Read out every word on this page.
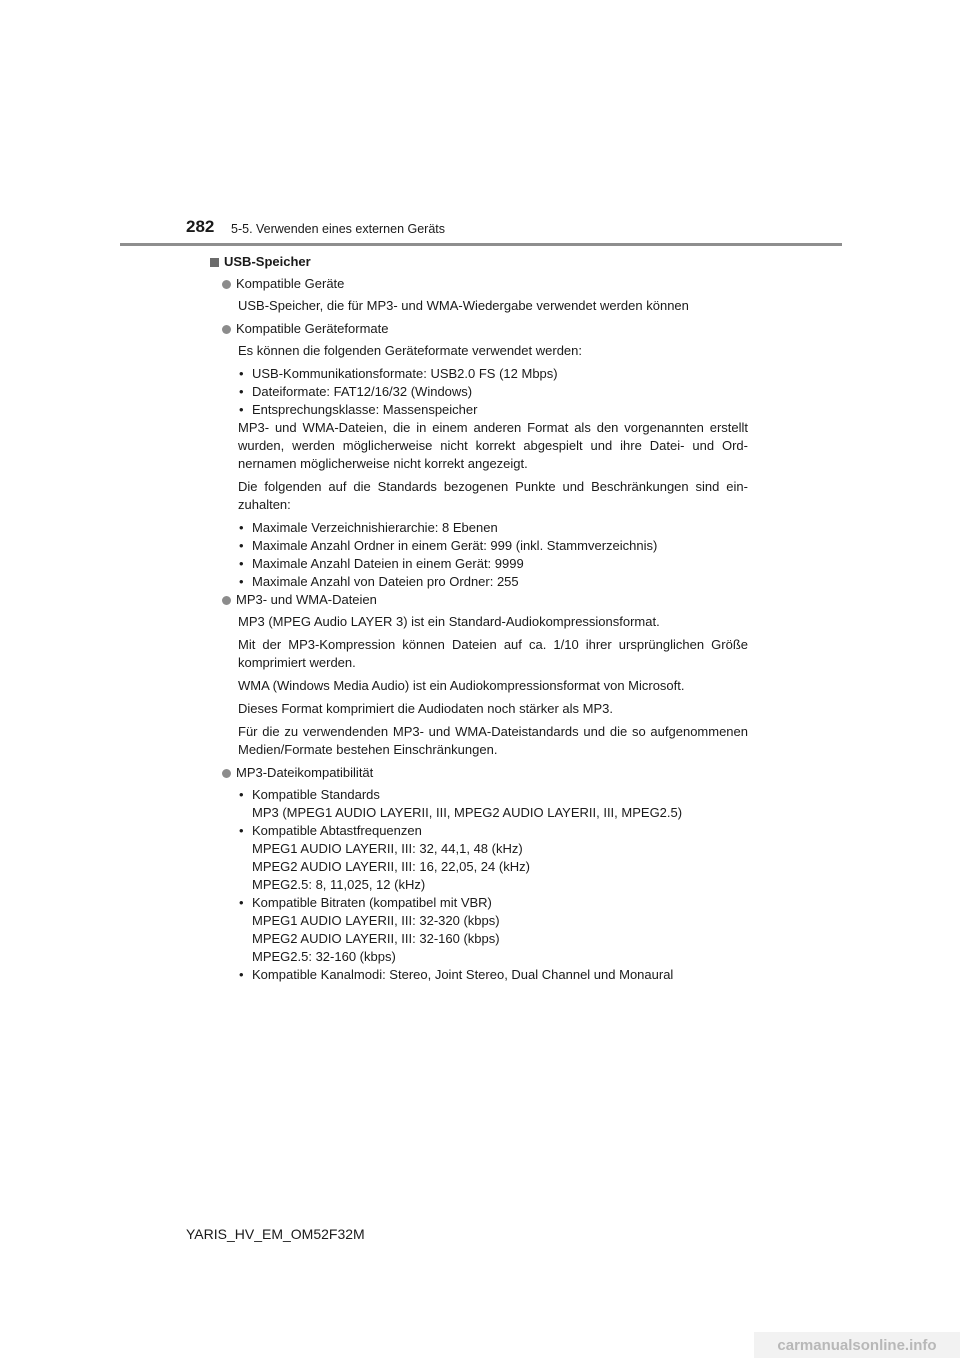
282 5-5. Verwenden eines externen Geräts
USB-Speicher
Kompatible Geräte
USB-Speicher, die für MP3- und WMA-Wiedergabe verwendet werden können
Kompatible Geräteformate
Es können die folgenden Geräteformate verwendet werden:
• USB-Kommunikationsformate: USB2.0 FS (12 Mbps)
• Dateiformate: FAT12/16/32 (Windows)
• Entsprechungsklasse: Massenspeicher
MP3- und WMA-Dateien, die in einem anderen Format als den vorgenannten erstellt wurden, werden möglicherweise nicht korrekt abgespielt und ihre Datei- und Ordnernamen möglicherweise nicht korrekt angezeigt.
Die folgenden auf die Standards bezogenen Punkte und Beschränkungen sind einzuhalten:
• Maximale Verzeichnishierarchie: 8 Ebenen
• Maximale Anzahl Ordner in einem Gerät: 999 (inkl. Stammverzeichnis)
• Maximale Anzahl Dateien in einem Gerät: 9999
• Maximale Anzahl von Dateien pro Ordner: 255
MP3- und WMA-Dateien
MP3 (MPEG Audio LAYER 3) ist ein Standard-Audiokompressionsformat.
Mit der MP3-Kompression können Dateien auf ca. 1/10 ihrer ursprünglichen Größe komprimiert werden.
WMA (Windows Media Audio) ist ein Audiokompressionsformat von Microsoft.
Dieses Format komprimiert die Audiodaten noch stärker als MP3.
Für die zu verwendenden MP3- und WMA-Dateistandards und die so aufgenommenen Medien/Formate bestehen Einschränkungen.
MP3-Dateikompatibilität
• Kompatible Standards
MP3 (MPEG1 AUDIO LAYERII, III, MPEG2 AUDIO LAYERII, III, MPEG2.5)
• Kompatible Abtastfrequenzen
MPEG1 AUDIO LAYERII, III: 32, 44,1, 48 (kHz)
MPEG2 AUDIO LAYERII, III: 16, 22,05, 24 (kHz)
MPEG2.5: 8, 11,025, 12 (kHz)
• Kompatible Bitraten (kompatibel mit VBR)
MPEG1 AUDIO LAYERII, III: 32-320 (kbps)
MPEG2 AUDIO LAYERII, III: 32-160 (kbps)
MPEG2.5: 32-160 (kbps)
• Kompatible Kanalmodi: Stereo, Joint Stereo, Dual Channel und Monaural
YARIS_HV_EM_OM52F32M
carmanualsonline.info
